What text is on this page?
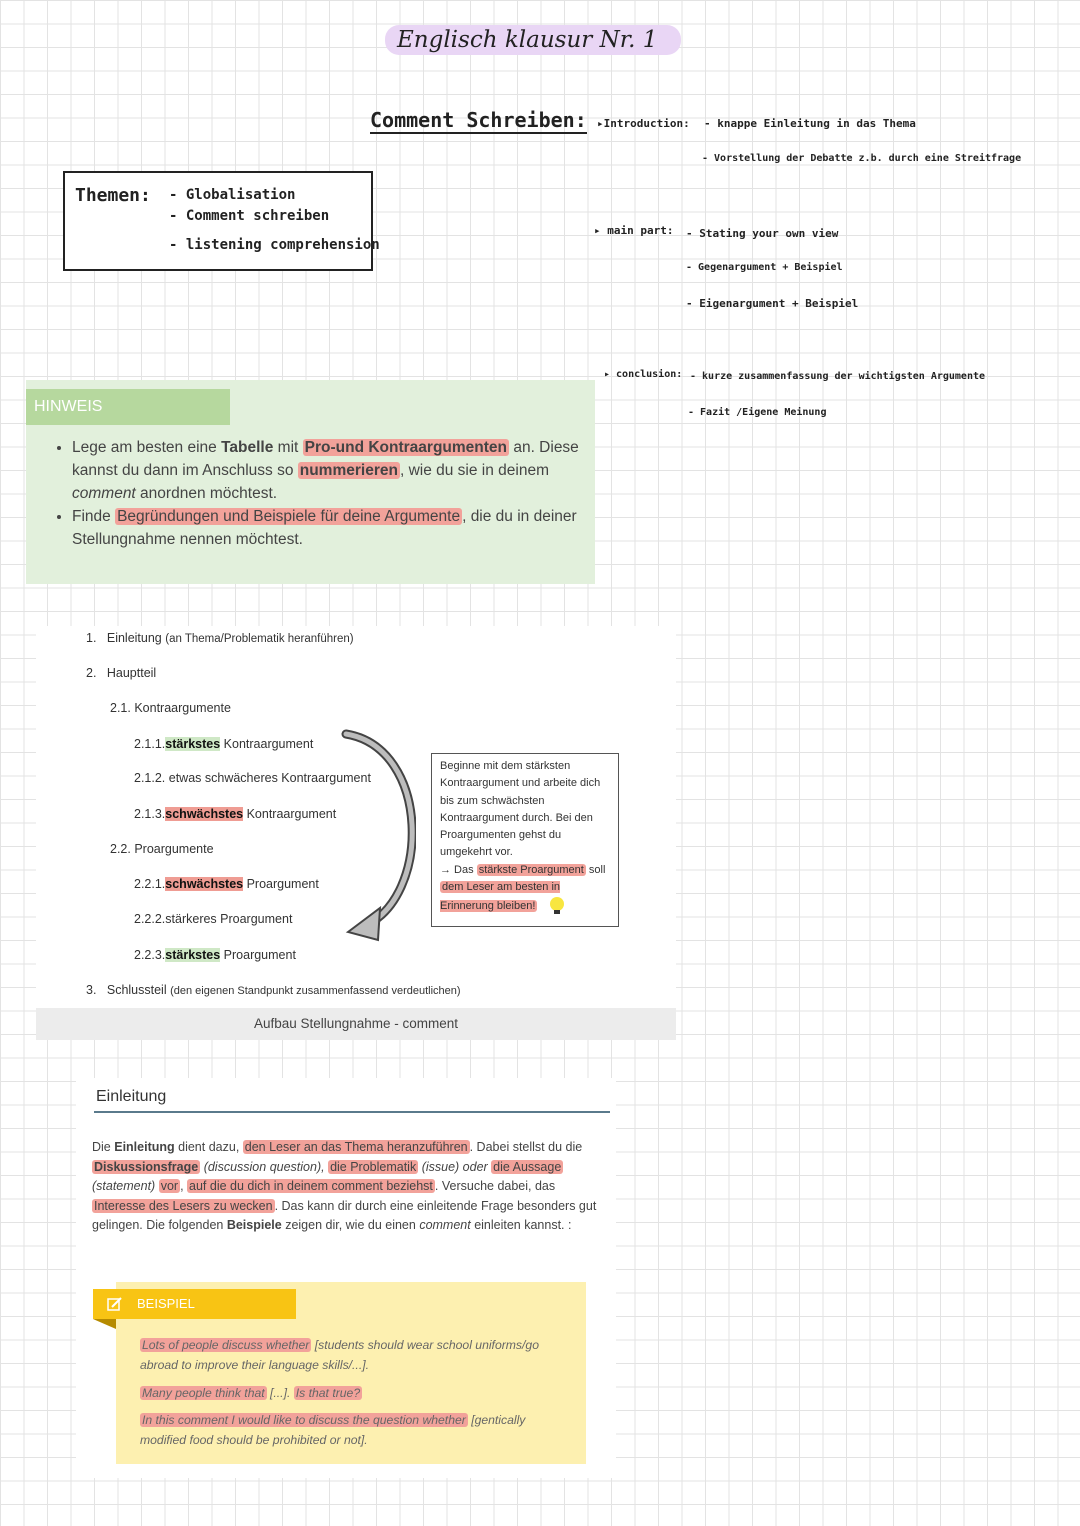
Englisch klausur Nr. 1
Comment Schreiben: ▸Introduction: - knappe Einleitung in das Thema
- Vorstellung der Debatte z.b. durch eine Streitfrage
▸ main part: - Stating your own view
- Gegenargument + Beispiel
- Eigenargument + Beispiel
▸ conclusion: - kurze zusammenfassung der wichtigsten Argumente
- Fazit /Eigene Meinung
Themen: - Globalisation
- Comment schreiben
- listening comprehension
HINWEIS
• Lege am besten eine Tabelle mit Pro-und Kontraargumenten an. Diese kannst du dann im Anschluss so nummerieren , wie du sie in deinem comment anordnen möchtest.
• Finde Begründungen und Beispiele für deine Argumente , die du in deiner Stellungnahme nennen möchtest.
1. Einleitung (an Thema/Problematik heranführen)
2. Hauptteil
2.1. Kontraargumente
2.1.1.stärkstes Kontraargument
2.1.2. etwas schwächeres Kontraargument
2.1.3.schwächstes Kontraargument
2.2. Proargumente
2.2.1.schwächstes Proargument
2.2.2.stärkeres Proargument
2.2.3.stärkstes Proargument
3. Schlussteil (den eigenen Standpunkt zusammenfassend verdeutlichen)
Beginne mit dem stärksten Kontraargument und arbeite dich bis zum schwächsten Kontraargument durch. Bei den Proargumenten gehst du umgekehrt vor.
→ Das stärkste Proargument soll dem Leser am besten in Erinnerung bleiben!
Aufbau Stellungnahme - comment
Einleitung
Die Einleitung dient dazu, den Leser an das Thema heranzuführen . Dabei stellst du die Diskussionsfrage (discussion question), die Problematik (issue) oder die Aussage (statement) vor , auf die du dich in deinem comment beziehst . Versuche dabei, das Interesse des Lesers zu wecken . Das kann dir durch eine einleitende Frage besonders gut gelingen. Die folgenden Beispiele zeigen dir, wie du einen comment einleiten kannst. :
BEISPIEL
Lots of people discuss whether [students should wear school uniforms/go abroad to improve their language skills/...].
Many people think that [...]. Is that true?
In this comment I would like to discuss the question whether [gentically modified food should be prohibited or not].
